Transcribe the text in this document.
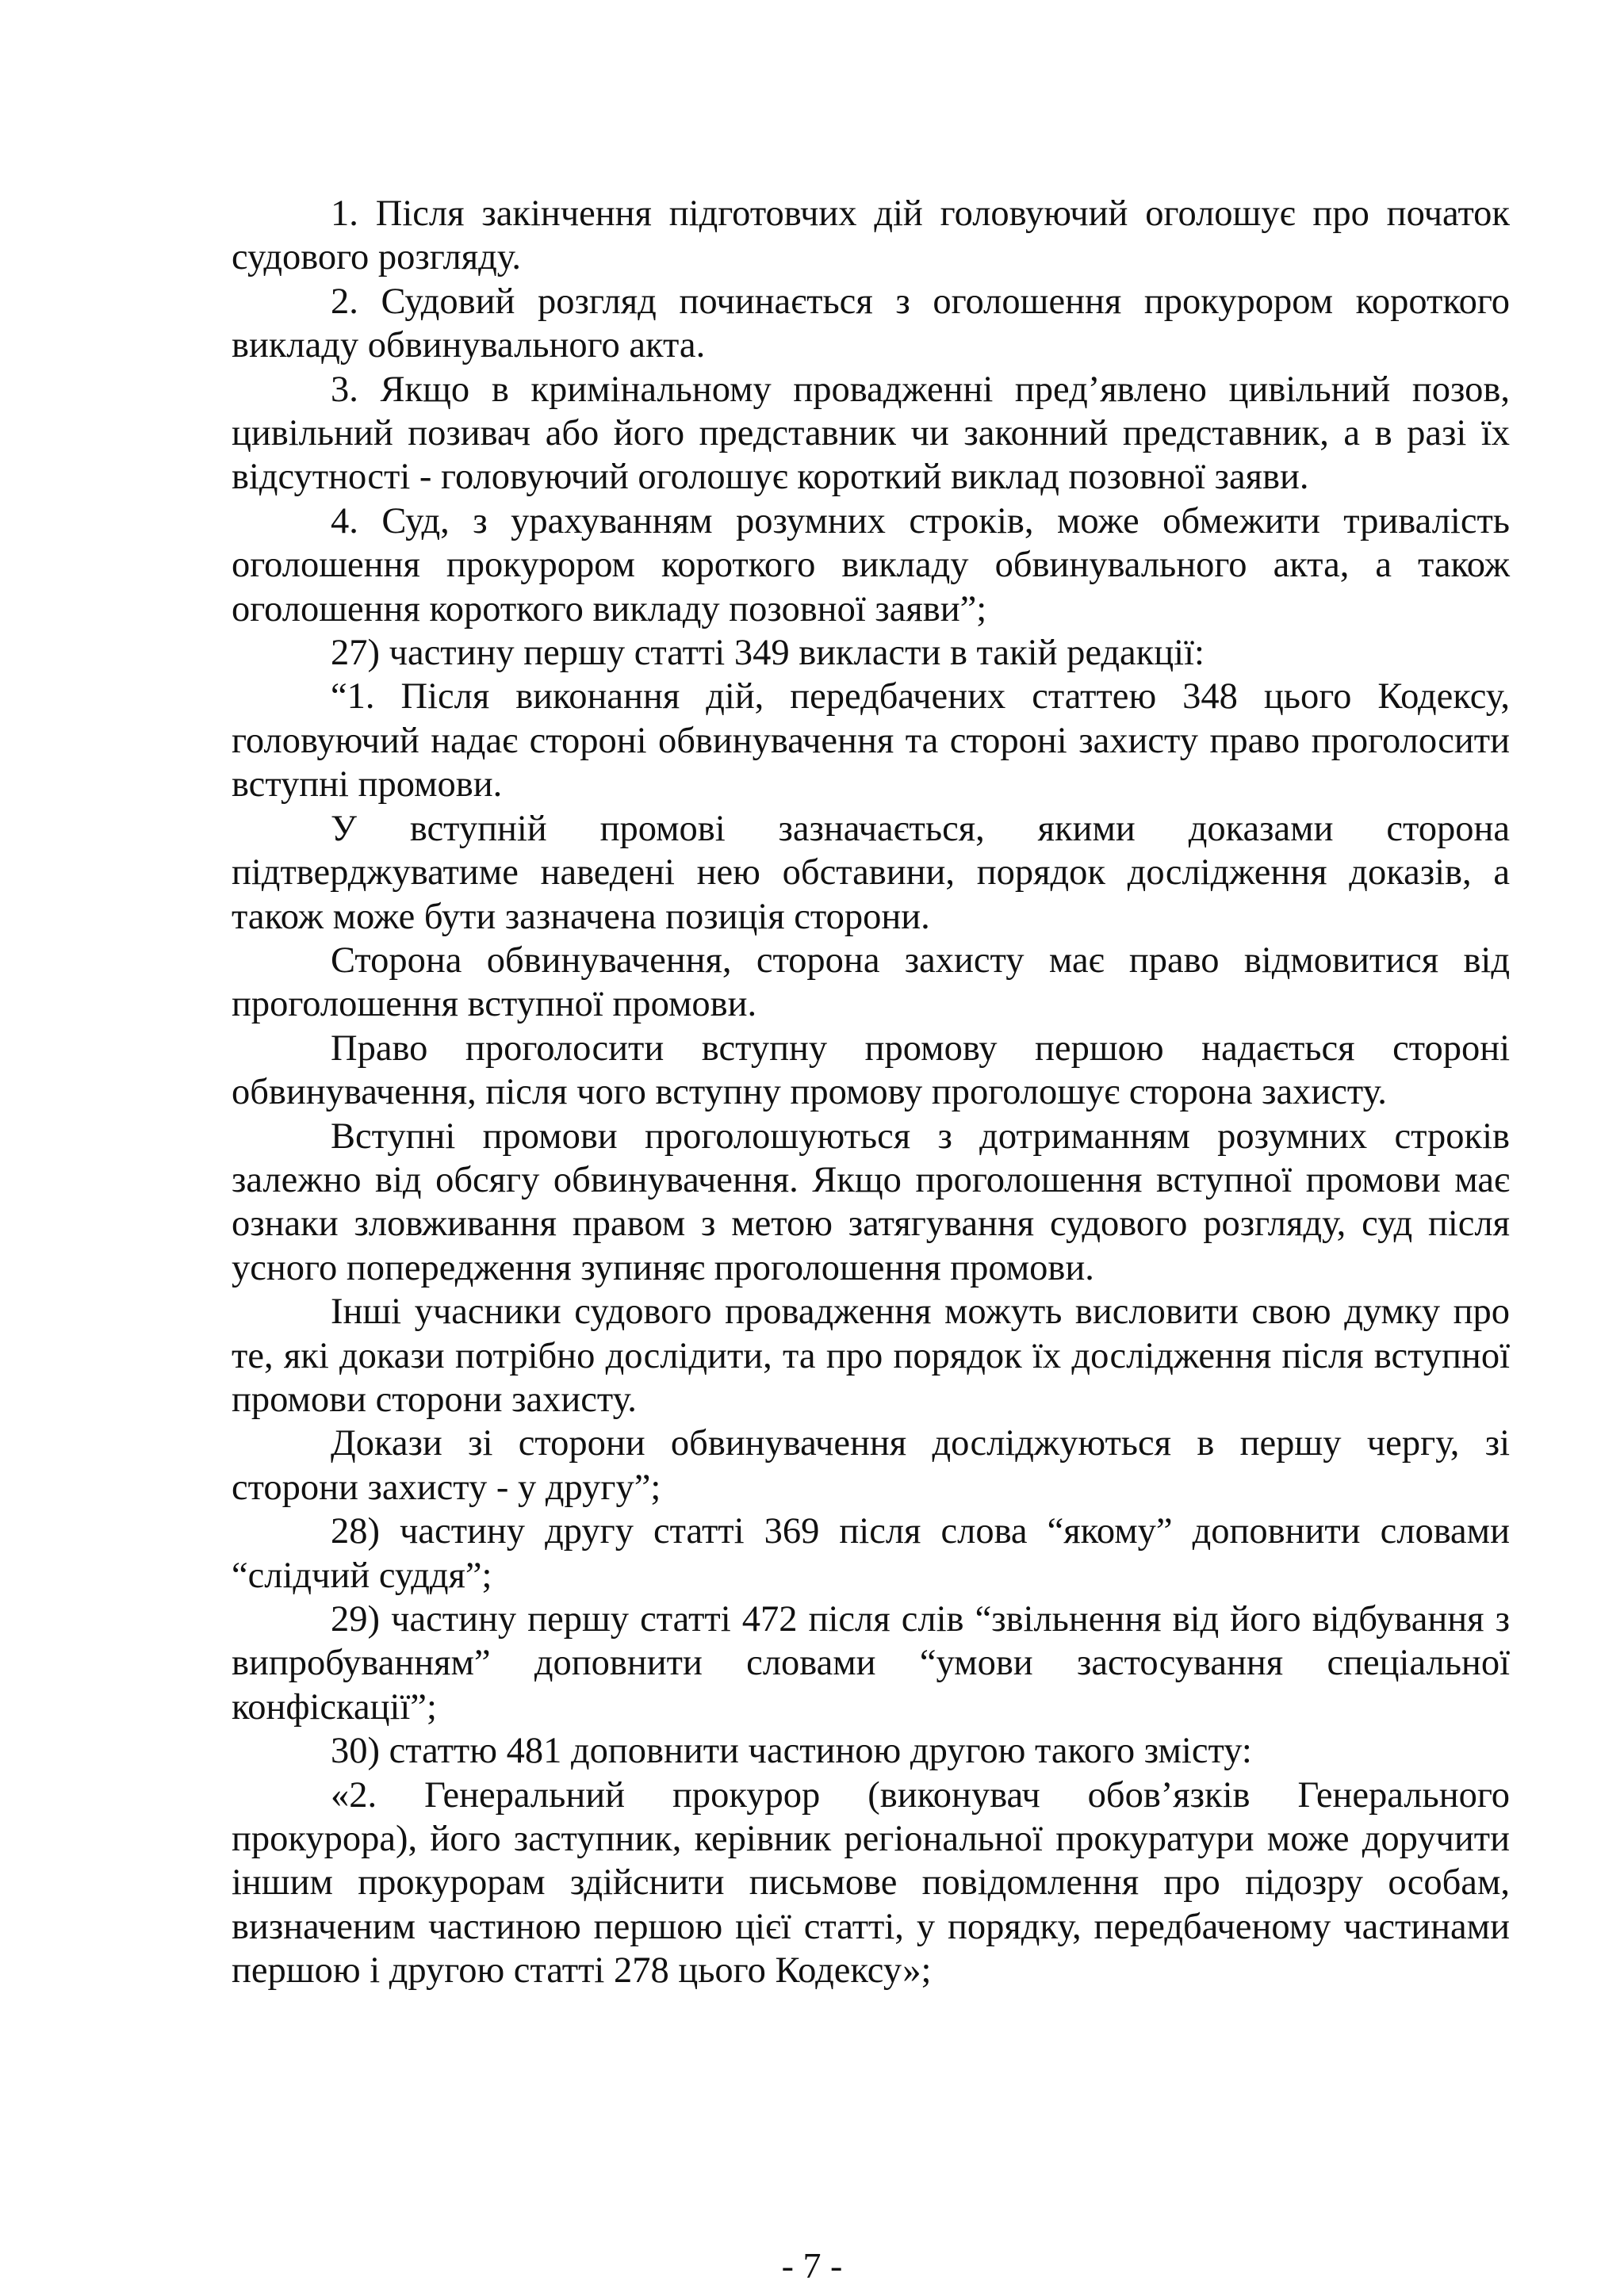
1. Після закінчення підготовчих дій головуючий оголошує про початок судового розгляду.

2. Судовий розгляд починається з оголошення прокурором короткого викладу обвинувального акта.

3. Якщо в кримінальному провадженні пред’явлено цивільний позов, цивільний позивач або його представник чи законний представник, а в разі їх відсутності - головуючий оголошує короткий виклад позовної заяви.

4. Суд, з урахуванням розумних строків, може обмежити тривалість оголошення прокурором короткого викладу обвинувального акта, а також оголошення короткого викладу позовної заяви”;

27) частину першу статті 349 викласти в такій редакції:

“1. Після виконання дій, передбачених статтею 348 цього Кодексу, головуючий надає стороні обвинувачення та стороні захисту право проголосити вступні промови.

У вступній промові зазначається, якими доказами сторона підтверджуватиме наведені нею обставини, порядок дослідження доказів, а також може бути зазначена позиція сторони.

Сторона обвинувачення, сторона захисту має право відмовитися від проголошення вступної промови.

Право проголосити вступну промову першою надається стороні обвинувачення, після чого вступну промову проголошує сторона захисту.

Вступні промови проголошуються з дотриманням розумних строків залежно від обсягу обвинувачення. Якщо проголошення вступної промови має ознаки зловживання правом з метою затягування судового розгляду, суд після усного попередження зупиняє проголошення промови.

Інші учасники судового провадження можуть висловити свою думку про те, які докази потрібно дослідити, та про порядок їх дослідження після вступної промови сторони захисту.

Докази зі сторони обвинувачення досліджуються в першу чергу, зі сторони захисту - у другу”;

28) частину другу статті 369 після слова “якому” доповнити словами “слідчий суддя”;

29) частину першу статті 472 після слів “звільнення від його відбування з випробуванням” доповнити словами “умови застосування спеціальної конфіскації”;

30) статтю 481 доповнити частиною другою такого змісту:

«2. Генеральний прокурор (виконувач обов’язків Генерального прокурора), його заступник, керівник регіональної прокуратури може доручити іншим прокурорам здійснити письмове повідомлення про підозру особам, визначеним частиною першою цієї статті, у порядку, передбаченому частинами першою і другою статті 278 цього Кодексу»;

- 7 -
